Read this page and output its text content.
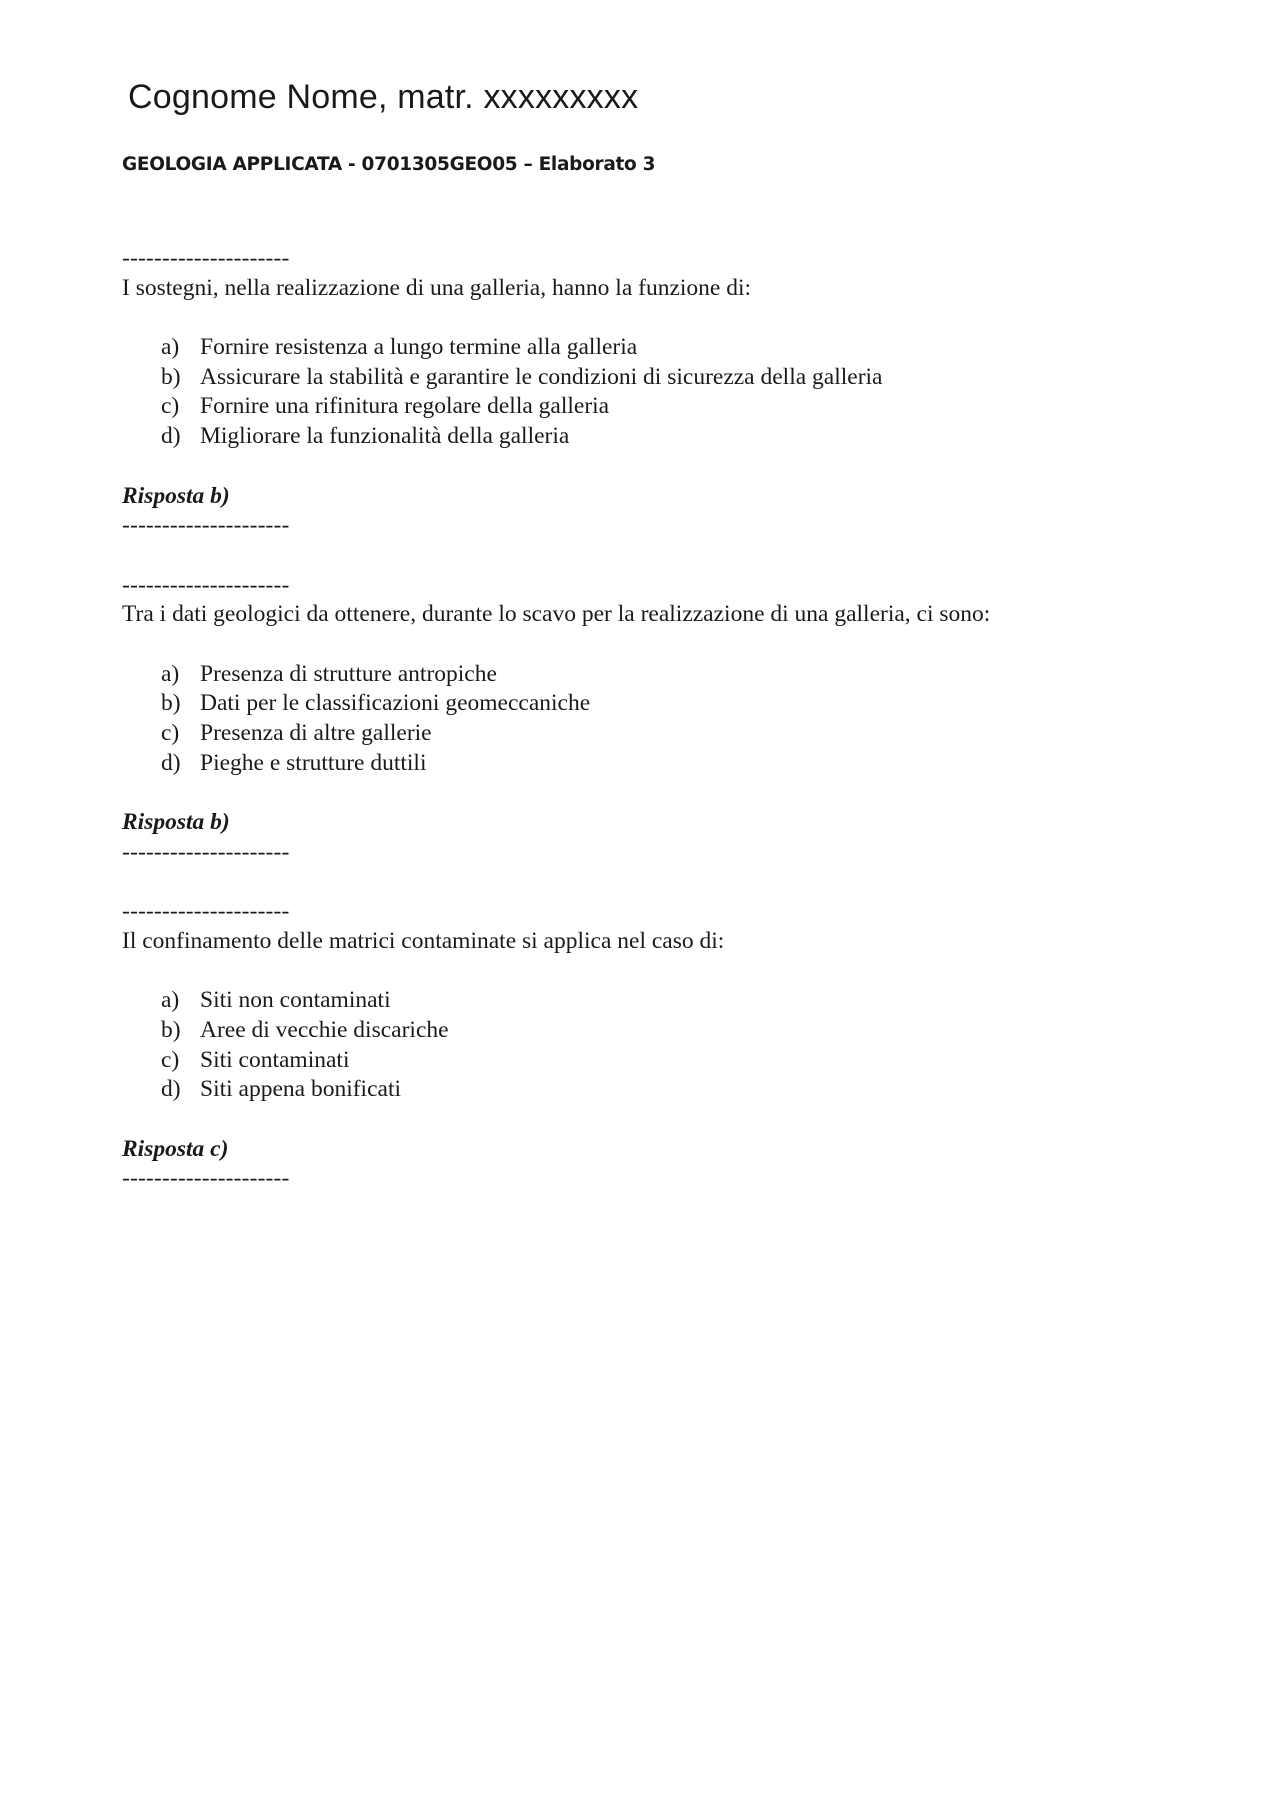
Cognome Nome, matr. xxxxxxxxx
GEOLOGIA APPLICATA - 0701305GEO05 – Elaborato 3
---------------------
I sostegni, nella realizzazione di una galleria, hanno la funzione di:
a) Fornire resistenza a lungo termine alla galleria
b) Assicurare la stabilità e garantire le condizioni di sicurezza della galleria
c) Fornire una rifinitura regolare della galleria
d) Migliorare la funzionalità della galleria
Risposta b)
---------------------
---------------------
Tra i dati geologici da ottenere, durante lo scavo per la realizzazione di una galleria, ci sono:
a) Presenza di strutture antropiche
b) Dati per le classificazioni geomeccaniche
c) Presenza di altre gallerie
d) Pieghe e strutture duttili
Risposta b)
---------------------
---------------------
Il confinamento delle matrici contaminate si applica nel caso di:
a) Siti non contaminati
b) Aree di vecchie discariche
c) Siti contaminati
d) Siti appena bonificati
Risposta c)
---------------------
